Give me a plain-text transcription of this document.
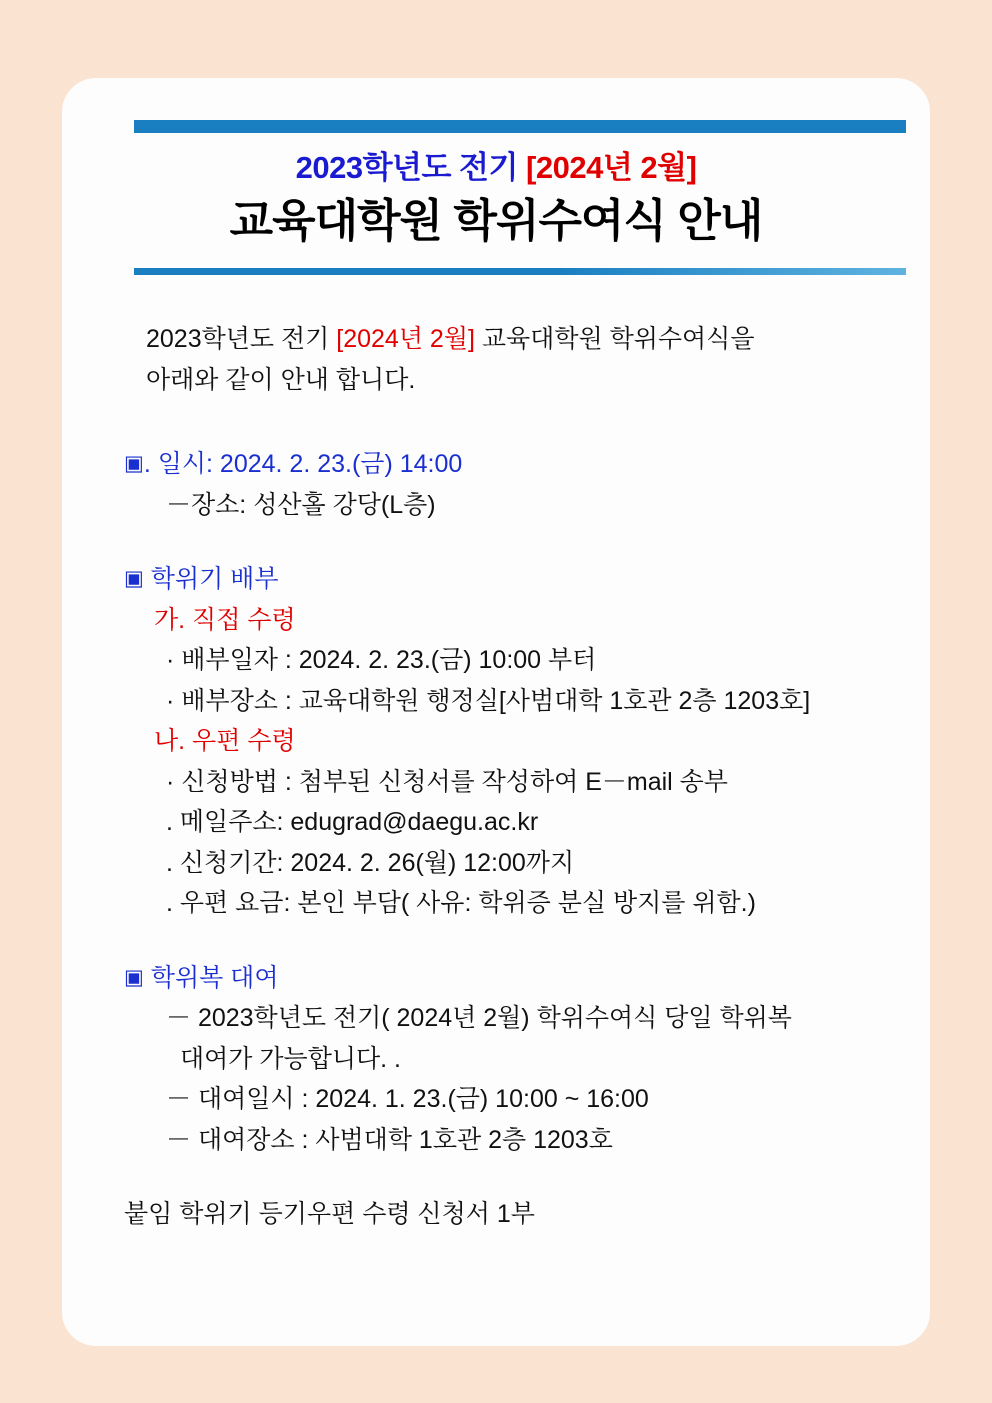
2023학년도 전기 [2024년 2월]
교육대학원 학위수여식 안내
2023학년도 전기 [2024년 2월] 교육대학원 학위수여식을
아래와 같이 안내 합니다.
▣. 일시: 2024. 2. 23.(금) 14:00
－장소: 성산홀 강당(L층)
▣ 학위기 배부
가. 직접 수령
· 배부일자 : 2024. 2. 23.(금) 10:00 부터
· 배부장소 : 교육대학원 행정실[사범대학 1호관 2층 1203호]
나. 우편 수령
· 신청방법 : 첨부된 신청서를 작성하여 E－mail 송부
. 메일주소: edugrad@daegu.ac.kr
. 신청기간: 2024. 2. 26(월) 12:00까지
. 우편 요금: 본인 부담( 사유: 학위증 분실 방지를 위함.)
▣ 학위복 대여
－ 2023학년도 전기( 2024년 2월) 학위수여식 당일 학위복
대여가 가능합니다. .
－ 대여일시 : 2024. 1. 23.(금) 10:00 ~ 16:00
－ 대여장소 : 사범대학 1호관 2층 1203호
붙임 학위기 등기우편 수령 신청서 1부
